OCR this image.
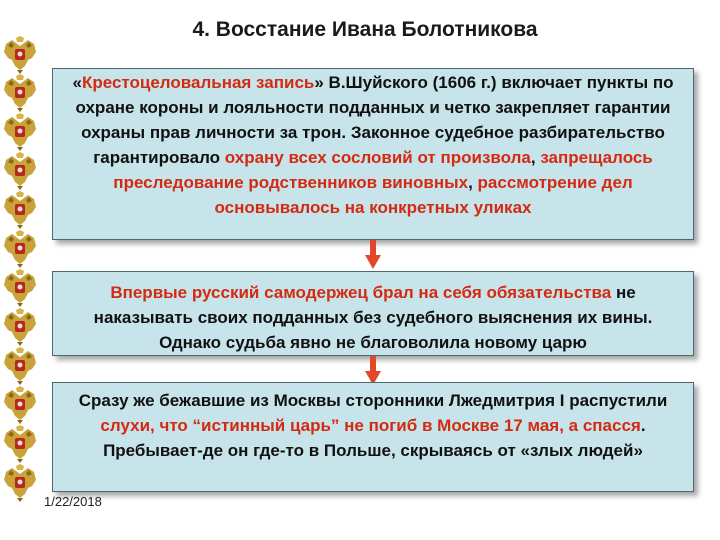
4. Восстание Ивана Болотникова
«Крестоцеловальная запись» В.Шуйского (1606 г.) включает пункты по охране короны и лояльности подданных и четко закрепляет гарантии охраны прав личности за трон. Законное судебное разбирательство гарантировало охрану всех сословий от произвола, запрещалось преследование родственников виновных, рассмотрение дел основывалось на конкретных уликах
Впервые русский самодержец брал на себя обязательства не наказывать своих подданных без судебного выяснения их вины. Однако судьба явно не благоволила новому царю
Сразу же бежавшие из Москвы сторонники Лжедмитрия I распустили слухи, что “истинный царь” не погиб в Москве 17 мая, а спасся. Пребывает-де он где-то в Польше, скрываясь от «злых людей»
1/22/2018
